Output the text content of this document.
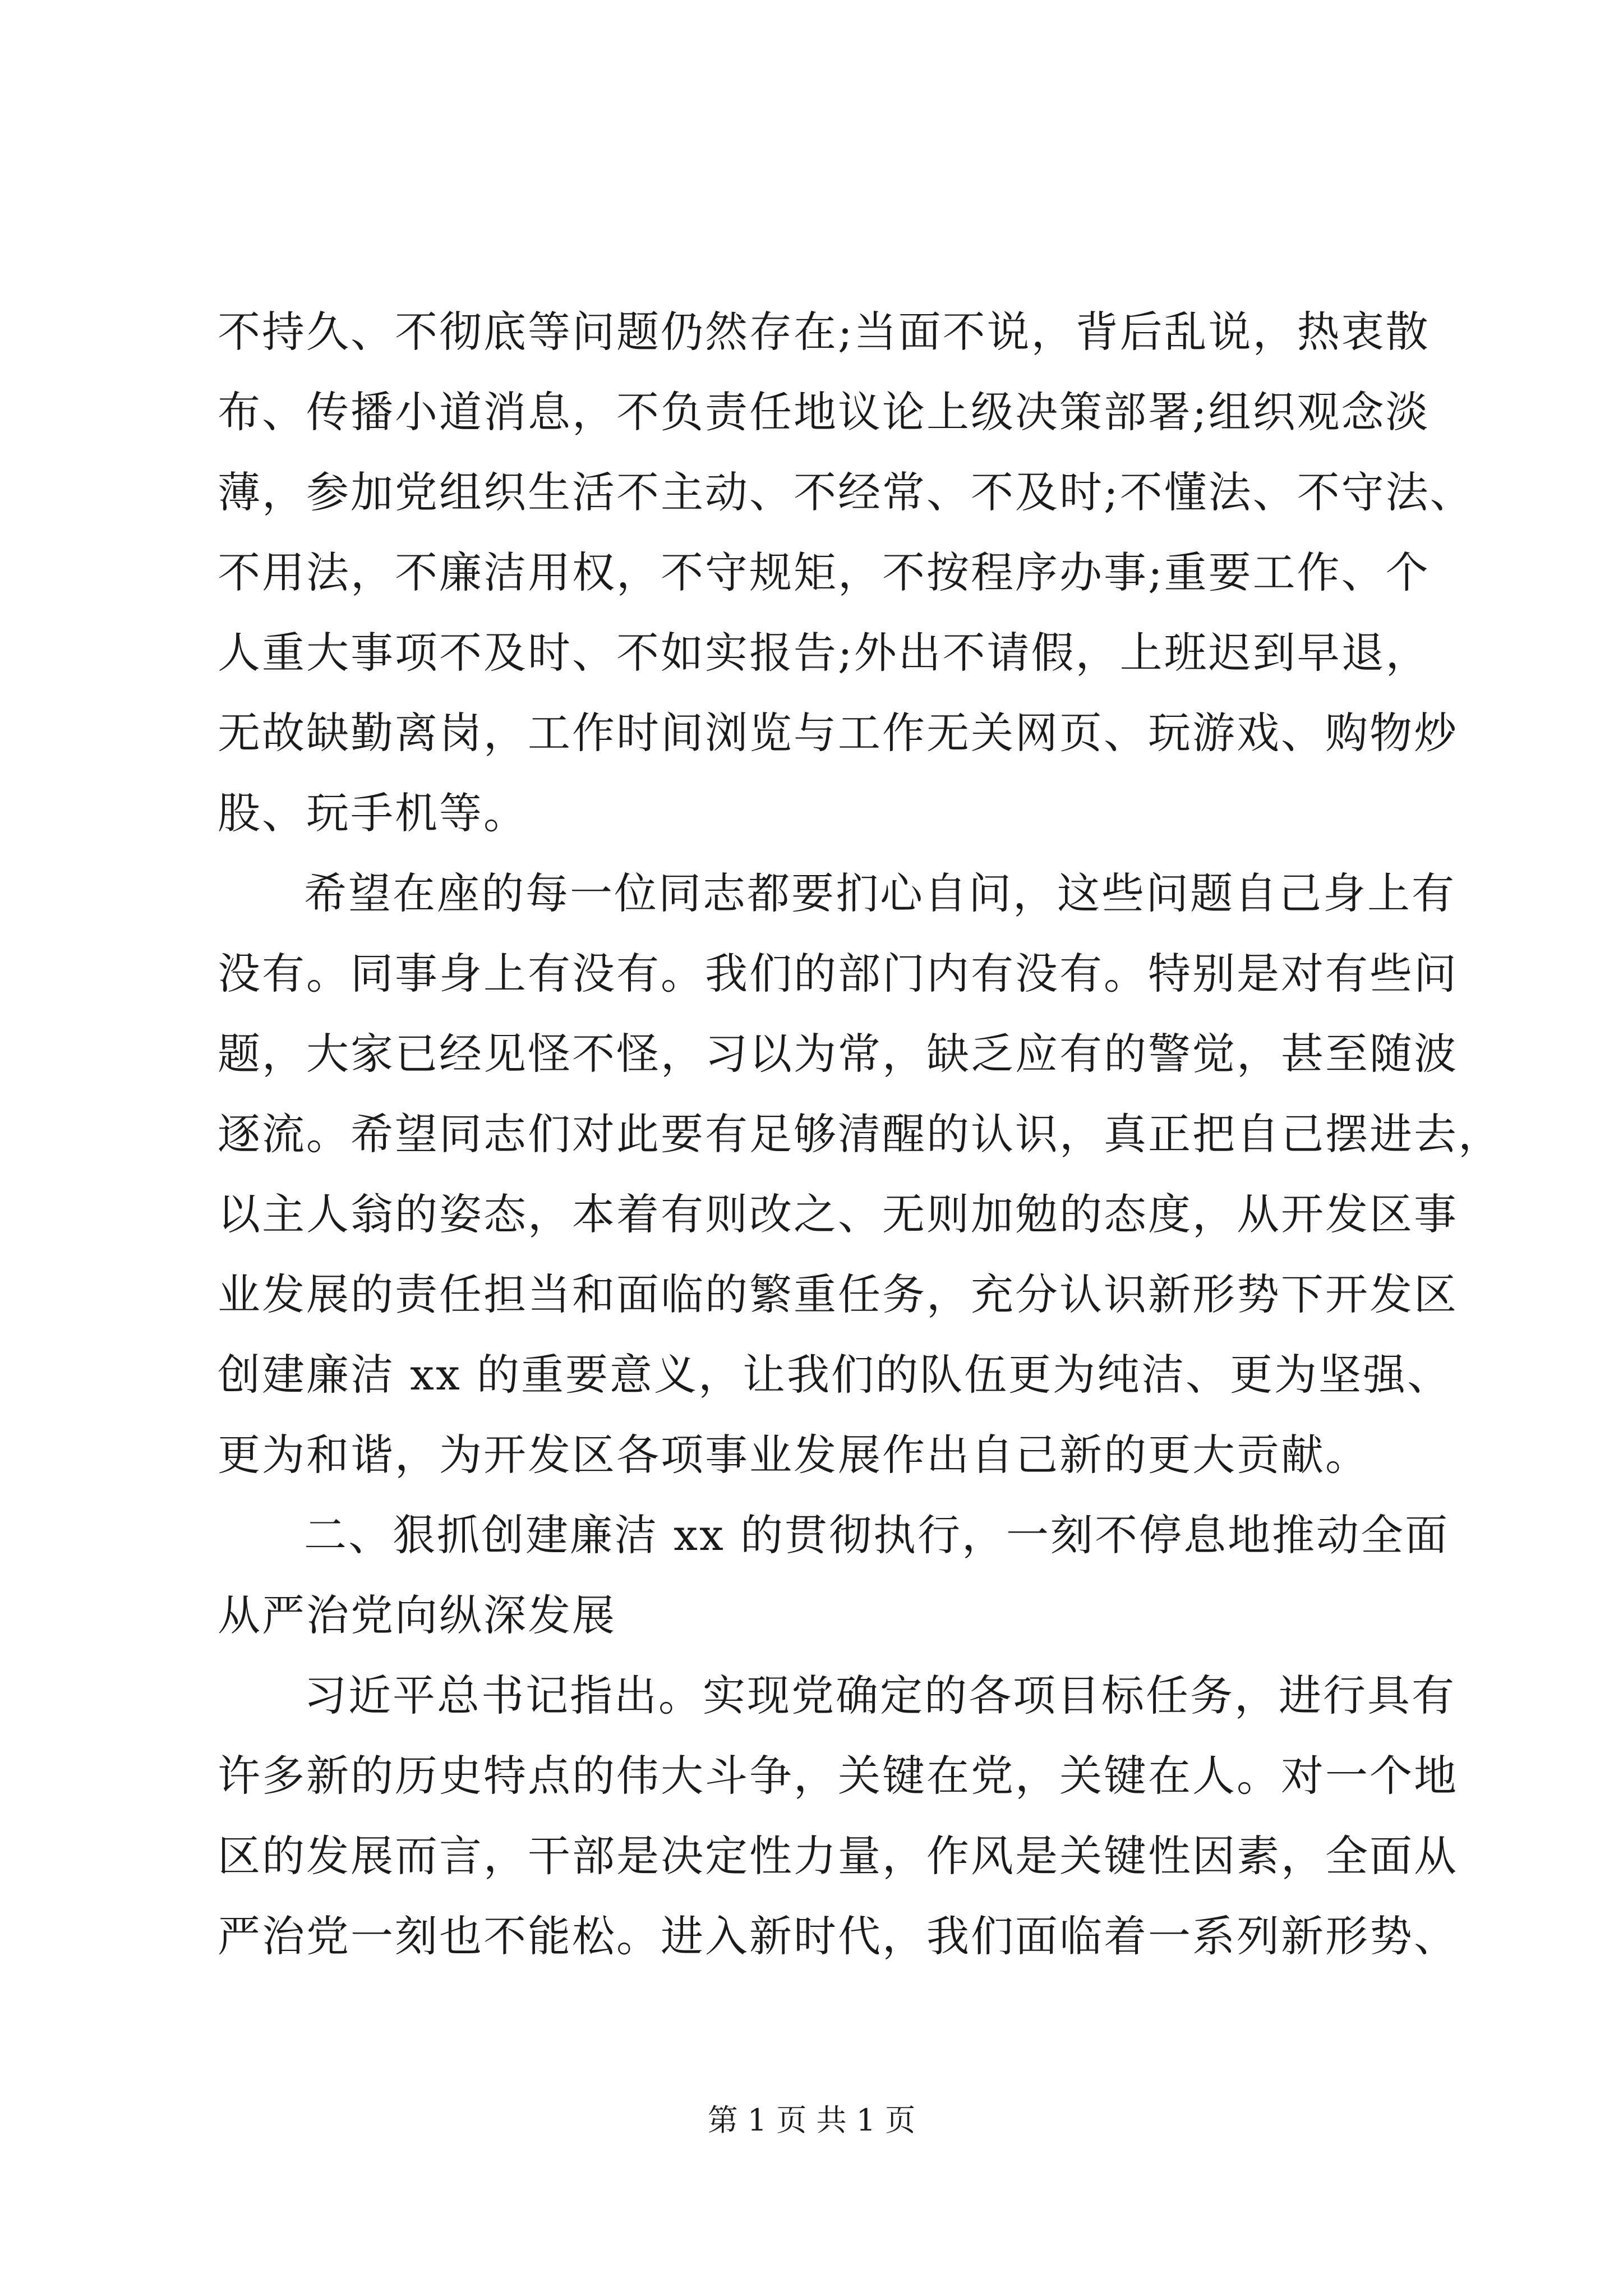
不持久、不彻底等问题仍然存在;当面不说，背后乱说，热衷散
布、传播小道消息，不负责任地议论上级决策部署;组织观念淡
薄，参加党组织生活不主动、不经常、不及时;不懂法、不守法、
不用法，不廉洁用权，不守规矩，不按程序办事;重要工作、个
人重大事项不及时、不如实报告;外出不请假，上班迟到早退，
无故缺勤离岗，工作时间浏览与工作无关网页、玩游戏、购物炒
股、玩手机等。
希望在座的每一位同志都要扪心自问，这些问题自己身上有
没有。同事身上有没有。我们的部门内有没有。特别是对有些问
题，大家已经见怪不怪，习以为常，缺乏应有的警觉，甚至随波
逐流。希望同志们对此要有足够清醒的认识，真正把自己摆进去，
以主人翁的姿态，本着有则改之、无则加勉的态度，从开发区事
业发展的责任担当和面临的繁重任务，充分认识新形势下开发区
创建廉洁 xx 的重要意义，让我们的队伍更为纯洁、更为坚强、
更为和谐，为开发区各项事业发展作出自己新的更大贡献。
二、狠抓创建廉洁 xx 的贯彻执行，一刻不停息地推动全面
从严治党向纵深发展
习近平总书记指出。实现党确定的各项目标任务，进行具有
许多新的历史特点的伟大斗争，关键在党，关键在人。对一个地
区的发展而言，干部是决定性力量，作风是关键性因素，全面从
严治党一刻也不能松。进入新时代，我们面临着一系列新形势、
第 1 页 共 1 页
